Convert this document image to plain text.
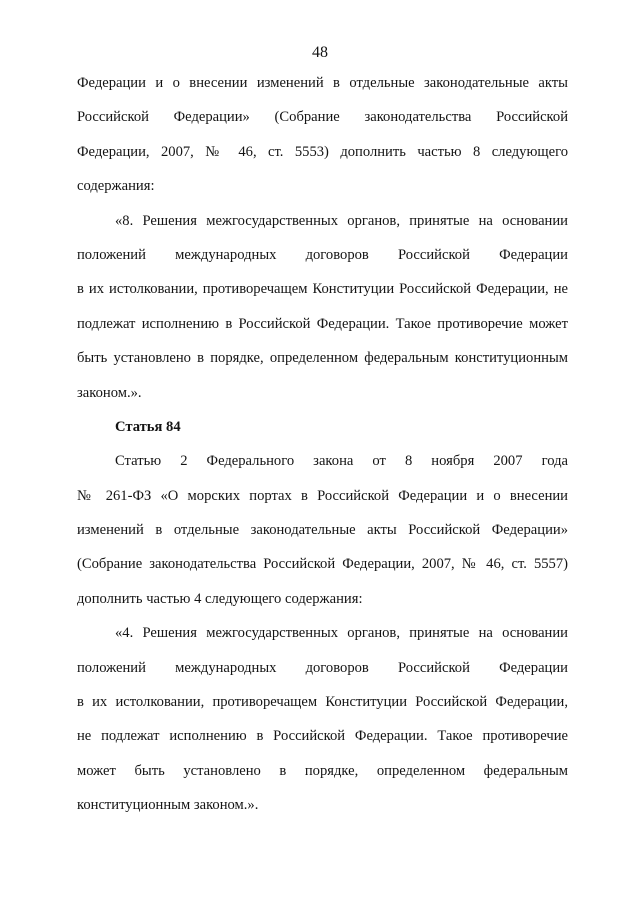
48
Федерации и о внесении изменений в отдельные законодательные акты
Российской Федерации» (Собрание законодательства Российской
Федерации, 2007, № 46, ст. 5553) дополнить частью 8 следующего
содержания:
«8. Решения межгосударственных органов, принятые на основании
положений международных договоров Российской Федерации
в их истолковании, противоречащем Конституции Российской Федерации, не
подлежат исполнению в Российской Федерации. Такое противоречие может
быть установлено в порядке, определенном федеральным конституционным
законом.».
Статья 84
Статью 2 Федерального закона от 8 ноября 2007 года
№ 261-ФЗ «О морских портах в Российской Федерации и о внесении
изменений в отдельные законодательные акты Российской Федерации»
(Собрание законодательства Российской Федерации, 2007, № 46, ст. 5557)
дополнить частью 4 следующего содержания:
«4. Решения межгосударственных органов, принятые на основании
положений международных договоров Российской Федерации
в их истолковании, противоречащем Конституции Российской Федерации,
не подлежат исполнению в Российской Федерации. Такое противоречие
может быть установлено в порядке, определенном федеральным
конституционным законом.».
